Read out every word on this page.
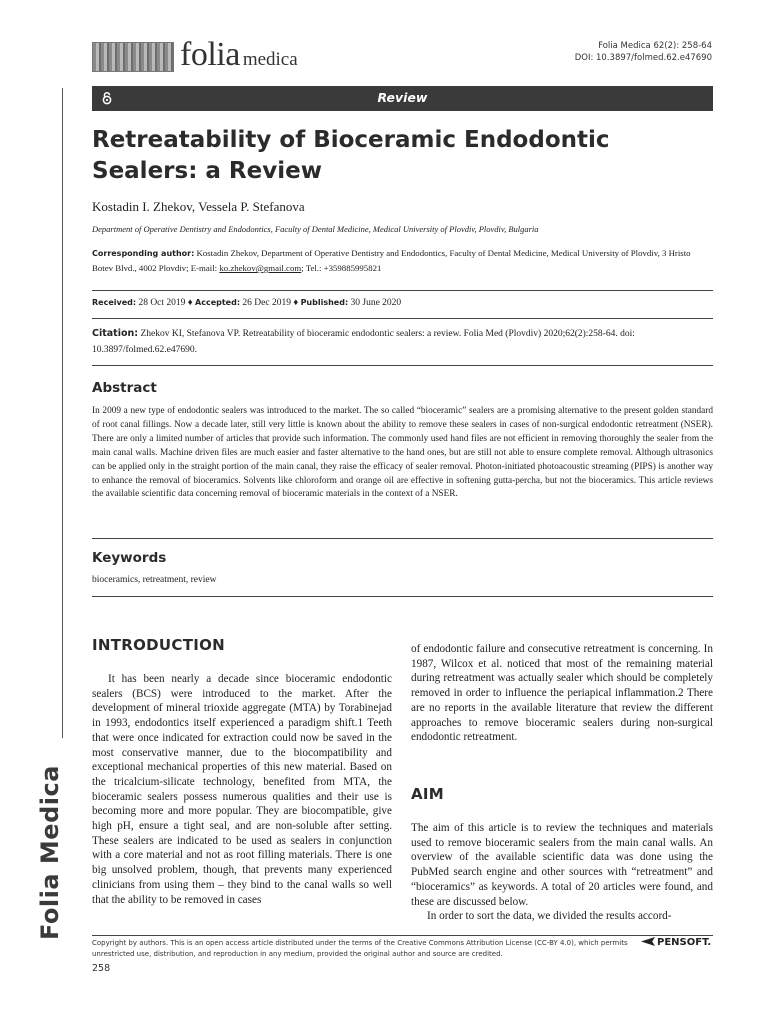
folia medica
Folia Medica 62(2): 258-64
DOI: 10.3897/folmed.62.e47690
Review
Folia Medica
Retreatability of Bioceramic Endodontic Sealers: a Review
Kostadin I. Zhekov, Vessela P. Stefanova
Department of Operative Dentistry and Endodontics, Faculty of Dental Medicine, Medical University of Plovdiv, Plovdiv, Bulgaria
Corresponding author: Kostadin Zhekov, Department of Operative Dentistry and Endodontics, Faculty of Dental Medicine, Medical University of Plovdiv, 3 Hristo Botev Blvd., 4002 Plovdiv; E-mail: ko.zhekov@gmail.com; Tel.: +359885995821
Received: 28 Oct 2019 ♦ Accepted: 26 Dec 2019 ♦ Published: 30 June 2020
Citation: Zhekov KI, Stefanova VP. Retreatability of bioceramic endodontic sealers: a review. Folia Med (Plovdiv) 2020;62(2):258-64. doi: 10.3897/folmed.62.e47690.
Abstract

In 2009 a new type of endodontic sealers was introduced to the market. The so called “bioceramic” sealers are a promising alternative to the present golden standard of root canal fillings. Now a decade later, still very little is known about the ability to remove these sealers in cases of non-surgical endodontic retreatment (NSER). There are only a limited number of articles that provide such information. The commonly used hand files are not efficient in removing thoroughly the sealer from the main canal walls. Machine driven files are much easier and faster alternative to the hand ones, but are still not able to ensure complete removal. Although ultrasonics can be applied only in the straight portion of the main canal, they raise the efficacy of sealer removal. Photon-initiated photoacoustic streaming (PIPS) is another way to enhance the removal of bioceramics. Solvents like chloroform and orange oil are effective in softening gutta-percha, but not the bioceramics. This article reviews the available scientific data concerning removal of bioceramic materials in the context of a NSER.

Keywords

bioceramics, retreatment, review

INTRODUCTION

It has been nearly a decade since bioceramic endodontic sealers (BCS) were introduced to the market. After the development of mineral trioxide aggregate (MTA) by Torabinejad in 1993, endodontics itself experienced a paradigm shift.1 Teeth that were once indicated for extraction could now be saved in the most conservative manner, due to the biocompatibility and exceptional mechanical properties of this new material. Based on the tricalcium-silicate technology, benefited from MTA, the bioceramic sealers possess numerous qualities and their use is becoming more and more popular. They are biocompatible, give high pH, ensure a tight seal, and are non-soluble after setting. These sealers are indicated to be used as sealers in conjunction with a core material and not as root filling materials. There is one big unsolved problem, though, that prevents many experienced clinicians from using them – they bind to the canal walls so well that the ability to be removed in cases

of endodontic failure and consecutive retreatment is concerning. In 1987, Wilcox et al. noticed that most of the remaining material during retreatment was actually sealer which should be completely removed in order to influence the periapical inflammation.2 There are no reports in the available literature that review the different approaches to remove bioceramic sealers during non-surgical endodontic retreatment.

AIM

The aim of this article is to review the techniques and materials used to remove bioceramic sealers from the main canal walls. An overview of the available scientific data was done using the PubMed search engine and other sources with “retreatment” and “bioceramics” as keywords. A total of 20 articles were found, and these are discussed below.

In order to sort the data, we divided the results accord-

Copyright by authors. This is an open access article distributed under the terms of the Creative Commons Attribution License (CC-BY 4.0), which permits unrestricted use, distribution, and reproduction in any medium, provided the original author and source are credited.
PENSOFT.
258
